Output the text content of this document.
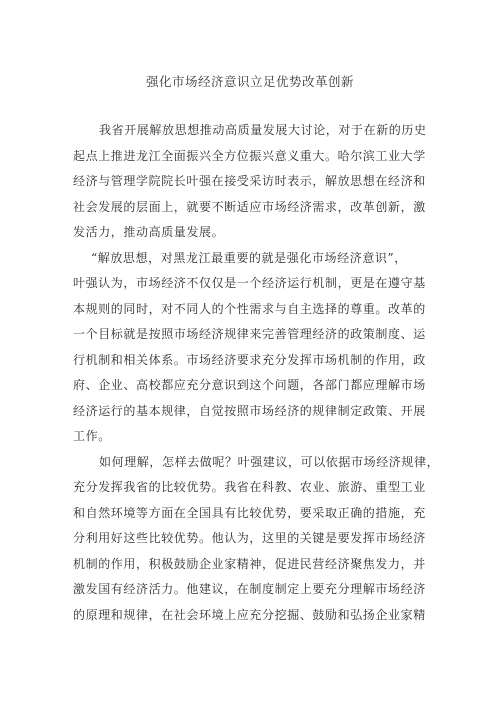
强化市场经济意识立足优势改革创新
我省开展解放思想推动高质量发展大讨论，对于在新的历史
起点上推进龙江全面振兴全方位振兴意义重大。哈尔滨工业大学
经济与管理学院院长叶强在接受采访时表示，解放思想在经济和
社会发展的层面上，就要不断适应市场经济需求，改革创新，激
发活力，推动高质量发展。
“解放思想，对黑龙江最重要的就是强化市场经济意识”，
叶强认为，市场经济不仅仅是一个经济运行机制，更是在遵守基
本规则的同时，对不同人的个性需求与自主选择的尊重。改革的
一个目标就是按照市场经济规律来完善管理经济的政策制度、运
行机制和相关体系。市场经济要求充分发挥市场机制的作用，政
府、企业、高校都应充分意识到这个问题，各部门都应理解市场
经济运行的基本规律，自觉按照市场经济的规律制定政策、开展
工作。
如何理解，怎样去做呢？叶强建议，可以依据市场经济规律，
充分发挥我省的比较优势。我省在科教、农业、旅游、重型工业
和自然环境等方面在全国具有比较优势，要采取正确的措施，充
分利用好这些比较优势。他认为，这里的关键是要发挥市场经济
机制的作用，积极鼓励企业家精神，促进民营经济聚焦发力，并
激发国有经济活力。他建议，在制度制定上要充分理解市场经济
的原理和规律，在社会环境上应充分挖掘、鼓励和弘扬企业家精
